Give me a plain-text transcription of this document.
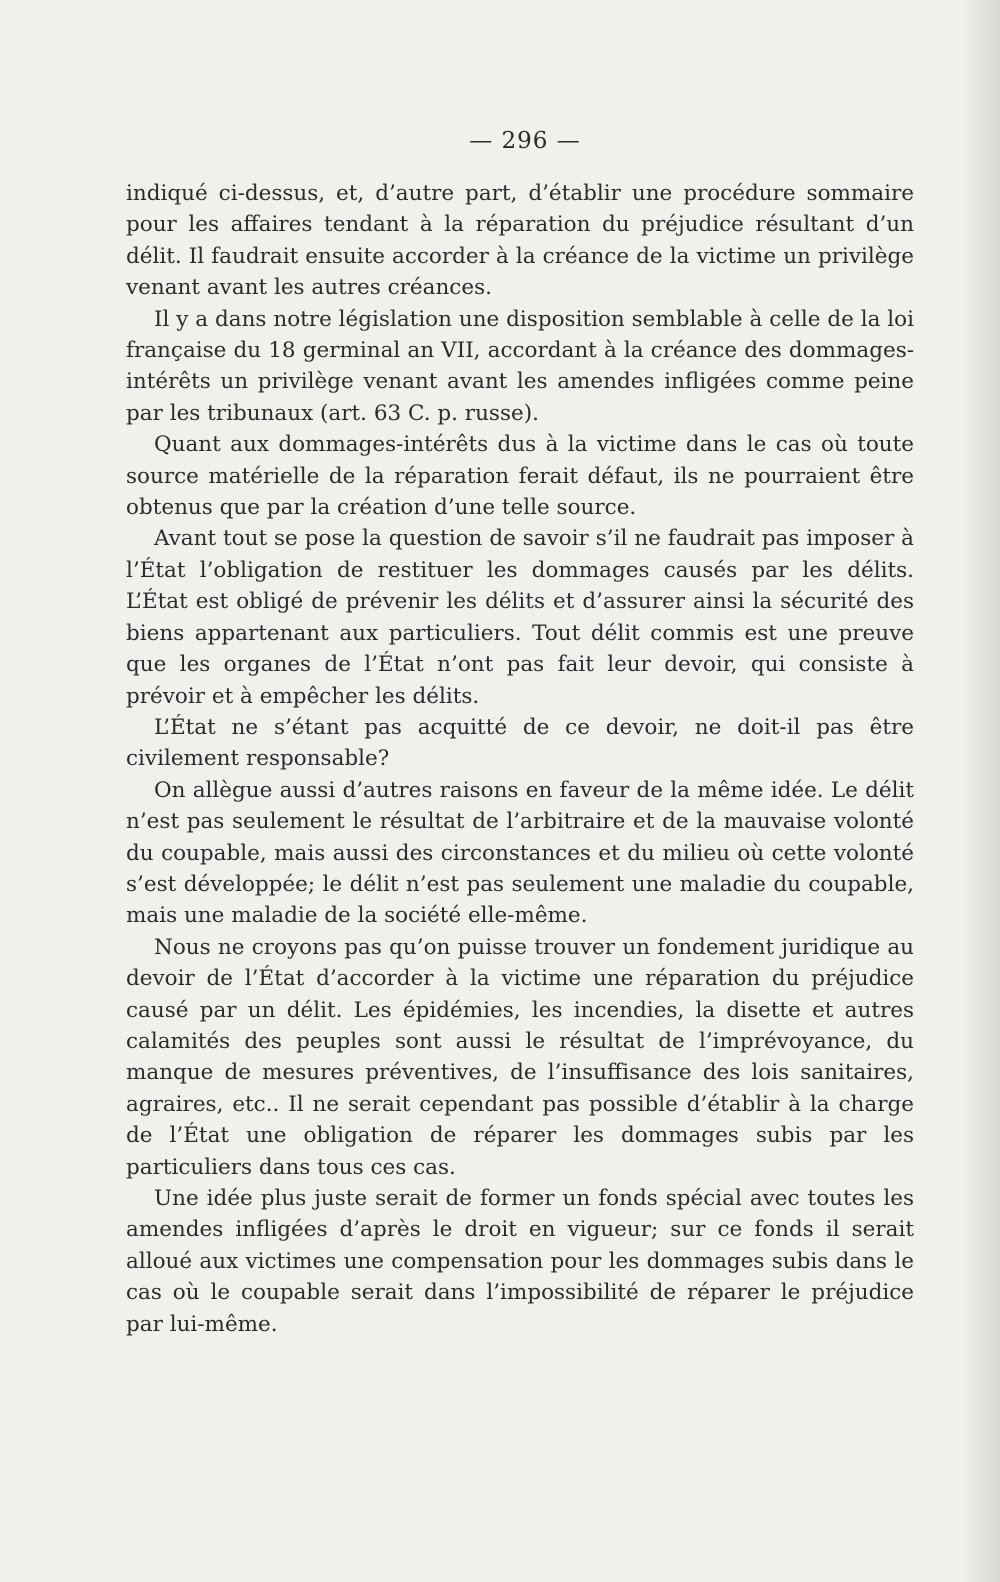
— 296 —

indiqué ci-dessus, et, d’autre part, d’établir une procédure sommaire pour les affaires tendant à la réparation du préjudice résultant d’un délit. Il faudrait ensuite accorder à la créance de la victime un privilège venant avant les autres créances.

Il y a dans notre législation une disposition semblable à celle de la loi française du 18 germinal an VII, accordant à la créance des dommages-intérêts un privilège venant avant les amendes infligées comme peine par les tribunaux (art. 63 C. p. russe).

Quant aux dommages-intérêts dus à la victime dans le cas où toute source matérielle de la réparation ferait défaut, ils ne pourraient être obtenus que par la création d’une telle source.

Avant tout se pose la question de savoir s’il ne faudrait pas imposer à l’État l’obligation de restituer les dommages causés par les délits. L’État est obligé de prévenir les délits et d’assurer ainsi la sécurité des biens appartenant aux particuliers. Tout délit commis est une preuve que les organes de l’État n’ont pas fait leur devoir, qui consiste à prévoir et à empêcher les délits.

L’État ne s’étant pas acquitté de ce devoir, ne doit-il pas être civilement responsable?

On allègue aussi d’autres raisons en faveur de la même idée. Le délit n’est pas seulement le résultat de l’arbitraire et de la mauvaise volonté du coupable, mais aussi des circonstances et du milieu où cette volonté s’est développée; le délit n’est pas seulement une maladie du coupable, mais une maladie de la société elle-même.

Nous ne croyons pas qu’on puisse trouver un fondement juridique au devoir de l’État d’accorder à la victime une réparation du préjudice causé par un délit. Les épidémies, les incendies, la disette et autres calamités des peuples sont aussi le résultat de l’imprévoyance, du manque de mesures préventives, de l’insuffisance des lois sanitaires, agraires, etc.. Il ne serait cependant pas possible d’établir à la charge de l’État une obligation de réparer les dommages subis par les particuliers dans tous ces cas.

Une idée plus juste serait de former un fonds spécial avec toutes les amendes infligées d’après le droit en vigueur; sur ce fonds il serait alloué aux victimes une compensation pour les dommages subis dans le cas où le coupable serait dans l’impossibilité de réparer le préjudice par lui-même.
